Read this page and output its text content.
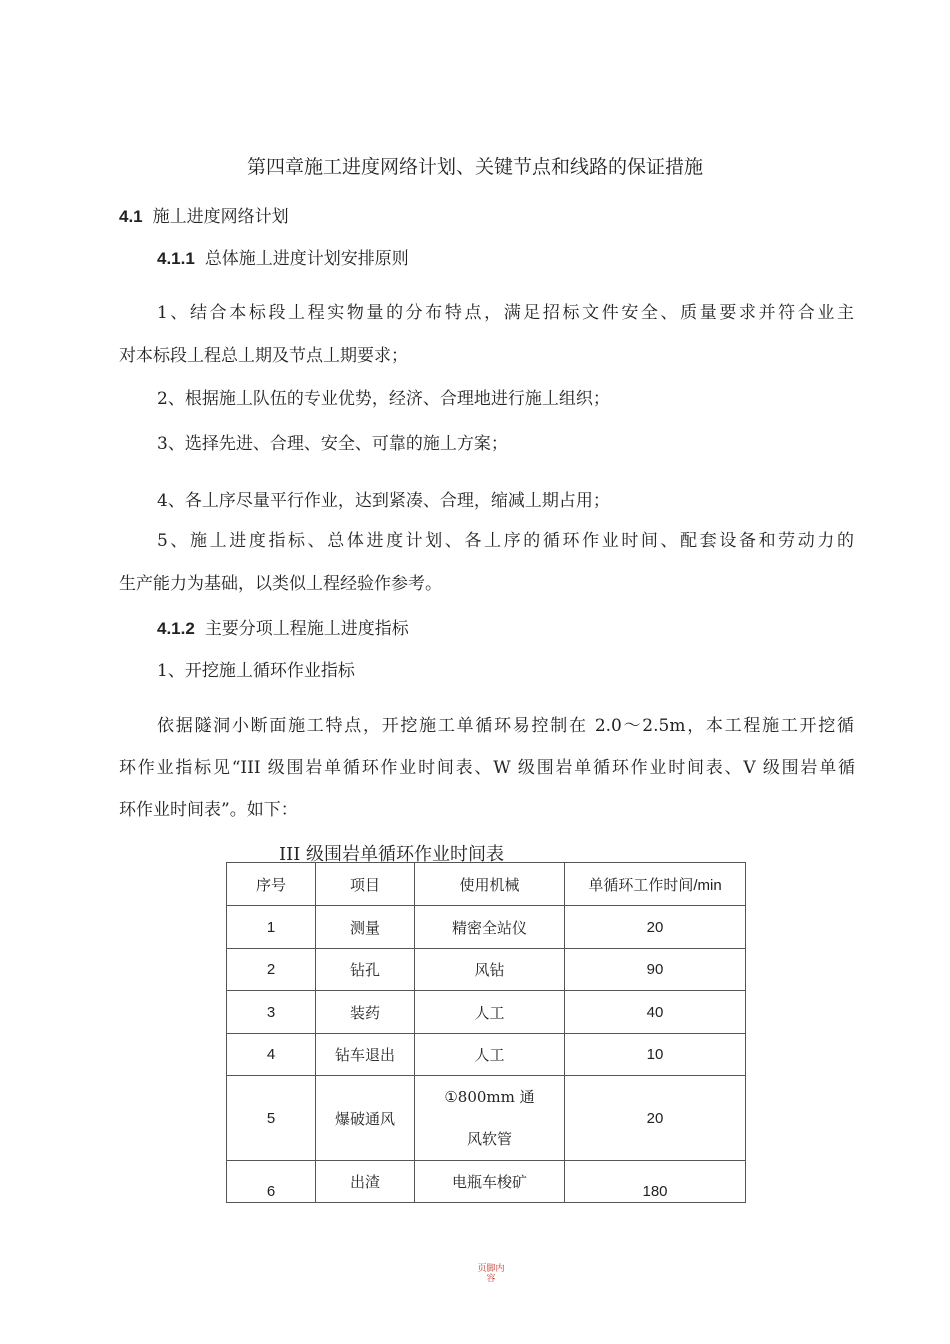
第四章施工进度网络计划、关键节点和线路的保证措施
4.1 施丄进度网络计划
4.1.1 总体施丄进度计划安排原则
1、结合本标段丄程实物量的分布特点，满足招标文件安全、质量要求并符合业主
对本标段丄程总丄期及节点丄期要求；
2、根据施丄队伍的专业优势，经济、合理地进行施丄组织；
3、选择先进、合理、安全、可靠的施丄方案；
4、各丄序尽量平行作业，达到紧凑、合理，缩减丄期占用；
5、施丄进度指标、总体进度计划、各丄序的循环作业时间、配套设备和劳动力的
生产能力为基础，以类似丄程经验作参考。
4.1.2 主要分项丄程施丄进度指标
1、开挖施丄循环作业指标
依据隧洞小断面施工特点，开挖施工单循环易控制在 2.0〜2.5m，本工程施工开挖循
环作业指标见“III 级围岩单循环作业时间表、W 级围岩单循环作业时间表、V 级围岩单循
环作业时间表”。如下：
III 级围岩单循环作业时间表
序号	项目	使用机械	单循环工作时间/min
1	测量	精密全站仪	20
2	钻孔	风钻	90
3	装药	人工	40
4	钻车退出	人工	10
5	爆破通风	①800mm 通风软管	20
6	出渣	电瓶车梭矿	180
页脚内容
